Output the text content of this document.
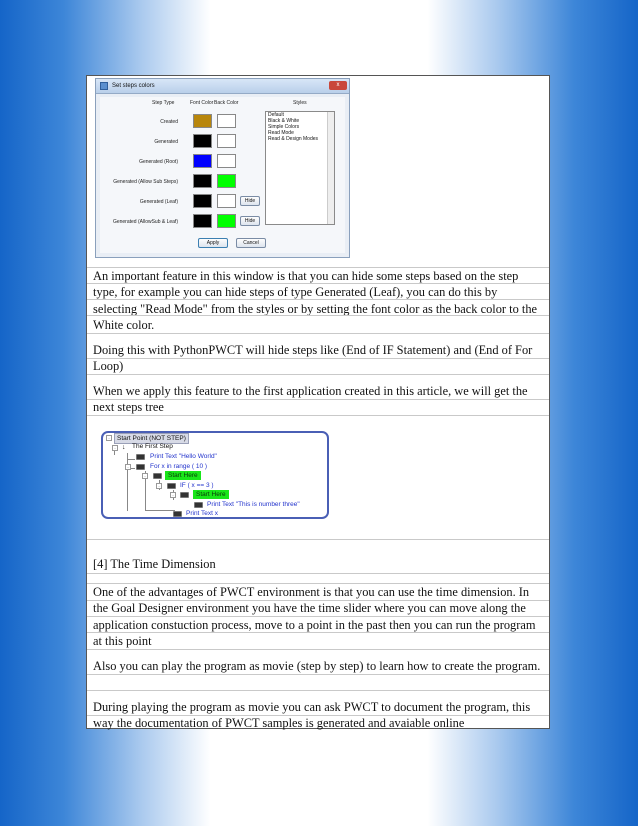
Set steps colors	x
Step Type	Font Color Back Color	Styles
Created
Generated
Generated (Root)
Generated (Allow Sub Steps)
Generated (Leaf)	Hide
Generated (AllowSub & Leaf)	Hide
Default
Black & White
Simple Colors
Read Mode
Read & Design Modes
Apply	Cancel
An important feature in this window is that you can hide some steps based on the step type, for example you can hide steps of type Generated (Leaf), you can do this by selecting "Read Mode" from the styles or by setting the font color as the back color to the White color.
Doing this with PythonPWCT will hide steps like (End of IF Statement) and (End of For Loop)
When we apply this feature to the first application created in this article, we will get the next steps tree
-	Start Point (NOT STEP)
- ↓ The First Step
Print Text "Hello World"
-	For x in range ( 10 )
-	Start Here
-	IF ( x == 3 )
-	Start Here
Print Text "This is number three"
Print Text x
[4] The Time Dimension
One of the advantages of PWCT environment is that you can use the time dimension. In the Goal Designer environment you have the time slider where you can move along the application constuction process, move to a point in the past then you can run the program at this point
Also you can play the program as movie (step by step) to learn how to create the program.
During playing the program as movie you can ask PWCT to document the program, this way the documentation of PWCT samples is generated and avaiable online
